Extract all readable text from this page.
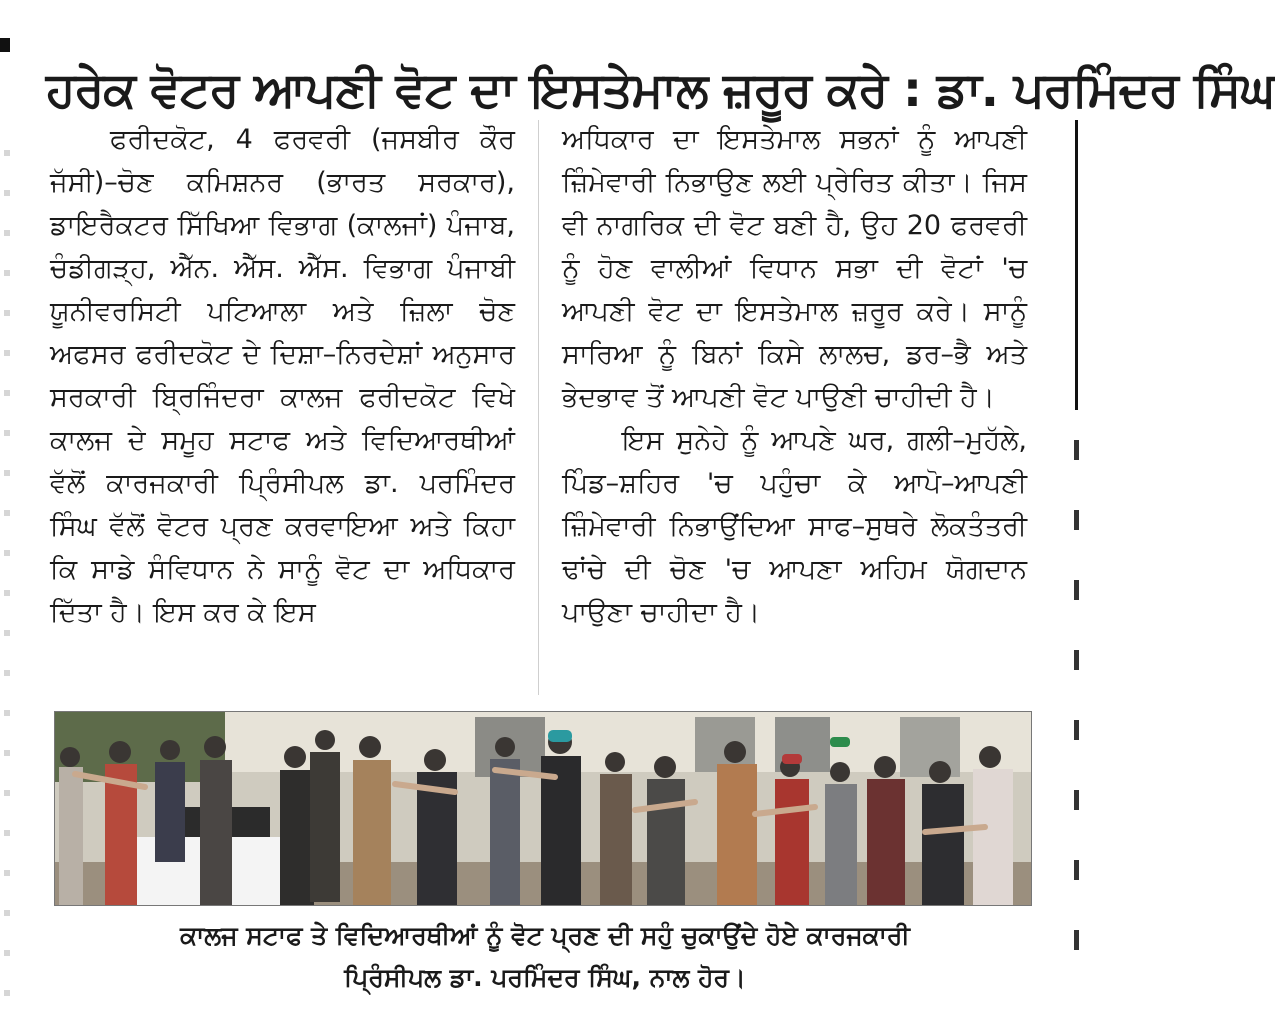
ਹਰੇਕ ਵੋਟਰ ਆਪਣੀ ਵੋਟ ਦਾ ਇਸਤੇਮਾਲ ਜ਼ਰੂਰ ਕਰੇ : ਡਾ. ਪਰਮਿੰਦਰ ਸਿੰਘ

ਫਰੀਦਕੋਟ, 4 ਫਰਵਰੀ (ਜਸਬੀਰ ਕੌਰ ਜੱਸੀ)–ਚੋਣ ਕਮਿਸ਼ਨਰ (ਭਾਰਤ ਸਰਕਾਰ), ਡਾਇਰੈਕਟਰ ਸਿੱਖਿਆ ਵਿਭਾਗ (ਕਾਲਜਾਂ) ਪੰਜਾਬ, ਚੰਡੀਗੜ੍ਹ, ਐੱਨ. ਐੱਸ. ਐੱਸ. ਵਿਭਾਗ ਪੰਜਾਬੀ ਯੂਨੀਵਰਸਿਟੀ ਪਟਿਆਲਾ ਅਤੇ ਜ਼ਿਲਾ ਚੋਣ ਅਫਸਰ ਫਰੀਦਕੋਟ ਦੇ ਦਿਸ਼ਾ–ਨਿਰਦੇਸ਼ਾਂ ਅਨੁਸਾਰ ਸਰਕਾਰੀ ਬ੍ਰਿਜਿੰਦਰਾ ਕਾਲਜ ਫਰੀਦਕੋਟ ਵਿਖੇ ਕਾਲਜ ਦੇ ਸਮੂਹ ਸਟਾਫ ਅਤੇ ਵਿਦਿਆਰਥੀਆਂ ਵੱਲੋਂ ਕਾਰਜਕਾਰੀ ਪ੍ਰਿੰਸੀਪਲ ਡਾ. ਪਰਮਿੰਦਰ ਸਿੰਘ ਵੱਲੋਂ ਵੋਟਰ ਪ੍ਰਣ ਕਰਵਾਇਆ ਅਤੇ ਕਿਹਾ ਕਿ ਸਾਡੇ ਸੰਵਿਧਾਨ ਨੇ ਸਾਨੂੰ ਵੋਟ ਦਾ ਅਧਿਕਾਰ ਦਿੱਤਾ ਹੈ। ਇਸ ਕਰ ਕੇ ਇਸ

ਅਧਿਕਾਰ ਦਾ ਇਸਤੇਮਾਲ ਸਭਨਾਂ ਨੂੰ ਆਪਣੀ ਜ਼ਿੰਮੇਵਾਰੀ ਨਿਭਾਉਣ ਲਈ ਪ੍ਰੇਰਿਤ ਕੀਤਾ। ਜਿਸ ਵੀ ਨਾਗਰਿਕ ਦੀ ਵੋਟ ਬਣੀ ਹੈ, ਉਹ 20 ਫਰਵਰੀ ਨੂੰ ਹੋਣ ਵਾਲੀਆਂ ਵਿਧਾਨ ਸਭਾ ਦੀ ਵੋਟਾਂ 'ਚ ਆਪਣੀ ਵੋਟ ਦਾ ਇਸਤੇਮਾਲ ਜ਼ਰੂਰ ਕਰੇ। ਸਾਨੂੰ ਸਾਰਿਆ ਨੂੰ ਬਿਨਾਂ ਕਿਸੇ ਲਾਲਚ, ਡਰ–ਭੈ ਅਤੇ ਭੇਦਭਾਵ ਤੋਂ ਆਪਣੀ ਵੋਟ ਪਾਉਣੀ ਚਾਹੀਦੀ ਹੈ।

ਇਸ ਸੁਨੇਹੇ ਨੂੰ ਆਪਣੇ ਘਰ, ਗਲੀ–ਮੁਹੱਲੇ, ਪਿੰਡ–ਸ਼ਹਿਰ 'ਚ ਪਹੁੰਚਾ ਕੇ ਆਪੋ–ਆਪਣੀ ਜ਼ਿੰਮੇਵਾਰੀ ਨਿਭਾਉਂਦਿਆ ਸਾਫ–ਸੁਥਰੇ ਲੋਕਤੰਤਰੀ ਢਾਂਚੇ ਦੀ ਚੋਣ 'ਚ ਆਪਣਾ ਅਹਿਮ ਯੋਗਦਾਨ ਪਾਉਣਾ ਚਾਹੀਦਾ ਹੈ।

ਕਾਲਜ ਸਟਾਫ ਤੇ ਵਿਦਿਆਰਥੀਆਂ ਨੂੰ ਵੋਟ ਪ੍ਰਣ ਦੀ ਸਹੁੰ ਚੁਕਾਉਂਦੇ ਹੋਏ ਕਾਰਜਕਾਰੀ

ਪ੍ਰਿੰਸੀਪਲ ਡਾ. ਪਰਮਿੰਦਰ ਸਿੰਘ, ਨਾਲ ਹੋਰ।
